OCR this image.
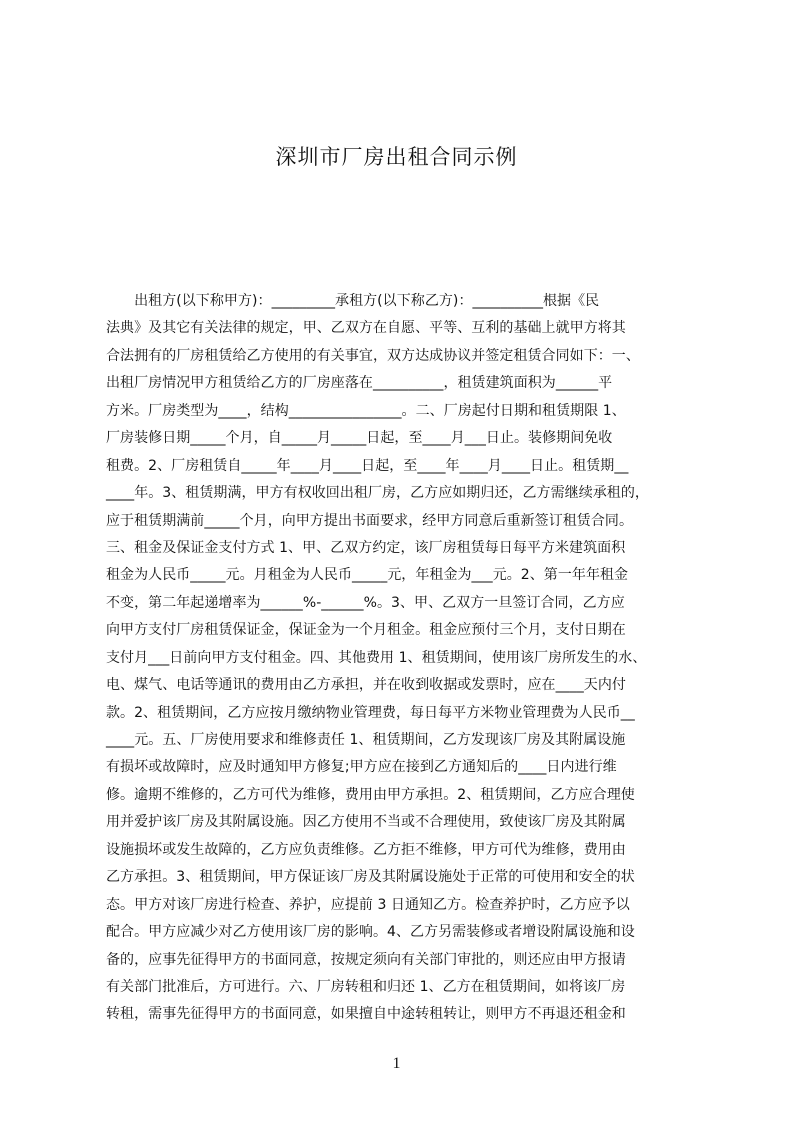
深圳市厂房出租合同示例
　　出租方(以下称甲方)：_________承租方(以下称乙方)：__________根据《民
法典》及其它有关法律的规定，甲、乙双方在自愿、平等、互利的基础上就甲方将其
合法拥有的厂房租赁给乙方使用的有关事宜，双方达成协议并签定租赁合同如下：一、
出租厂房情况甲方租赁给乙方的厂房座落在__________，租赁建筑面积为______平
方米。厂房类型为____，结构________________。二、厂房起付日期和租赁期限 1、
厂房装修日期_____个月，自_____月_____日起，至____月___日止。装修期间免收
租费。2、厂房租赁自_____年____月____日起，至____年____月____日止。租赁期__
____年。3、租赁期满，甲方有权收回出租厂房，乙方应如期归还，乙方需继续承租的，
应于租赁期满前_____个月，向甲方提出书面要求，经甲方同意后重新签订租赁合同。
三、租金及保证金支付方式 1、甲、乙双方约定，该厂房租赁每日每平方米建筑面积
租金为人民币_____元。月租金为人民币_____元，年租金为___元。2、第一年年租金
不变，第二年起递增率为______%-______%。3、甲、乙双方一旦签订合同，乙方应
向甲方支付厂房租赁保证金，保证金为一个月租金。租金应预付三个月，支付日期在
支付月___日前向甲方支付租金。四、其他费用 1、租赁期间，使用该厂房所发生的水、
电、煤气、电话等通讯的费用由乙方承担，并在收到收据或发票时，应在____天内付
款。2、租赁期间，乙方应按月缴纳物业管理费，每日每平方米物业管理费为人民币__
____元。五、厂房使用要求和维修责任 1、租赁期间，乙方发现该厂房及其附属设施
有损坏或故障时，应及时通知甲方修复;甲方应在接到乙方通知后的____日内进行维
修。逾期不维修的，乙方可代为维修，费用由甲方承担。2、租赁期间，乙方应合理使
用并爱护该厂房及其附属设施。因乙方使用不当或不合理使用，致使该厂房及其附属
设施损坏或发生故障的，乙方应负责维修。乙方拒不维修，甲方可代为维修，费用由
乙方承担。3、租赁期间，甲方保证该厂房及其附属设施处于正常的可使用和安全的状
态。甲方对该厂房进行检查、养护，应提前 3 日通知乙方。检查养护时，乙方应予以
配合。甲方应减少对乙方使用该厂房的影响。4、乙方另需装修或者增设附属设施和设
备的，应事先征得甲方的书面同意，按规定须向有关部门审批的，则还应由甲方报请
有关部门批准后，方可进行。六、厂房转租和归还 1、乙方在租赁期间，如将该厂房
转租，需事先征得甲方的书面同意，如果擅自中途转租转让，则甲方不再退还租金和
1
